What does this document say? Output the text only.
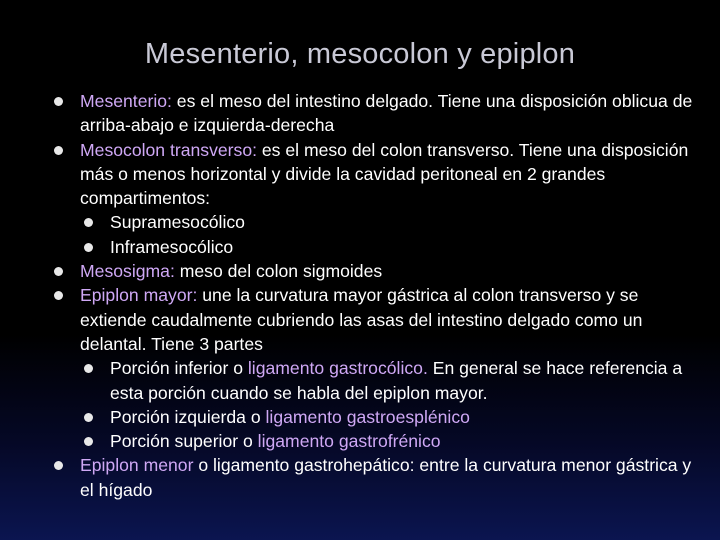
Mesenterio, mesocolon y epiplon

Mesenterio: es el meso del intestino delgado. Tiene una disposición oblicua de arriba-abajo e izquierda-derecha

Mesocolon transverso: es el meso del colon transverso. Tiene una disposición más o menos horizontal y divide la cavidad peritoneal en 2 grandes compartimentos:

Supramesocólico

Inframesocólico

Mesosigma: meso del colon sigmoides

Epiplon mayor: une la curvatura mayor gástrica al colon transverso y se extiende caudalmente cubriendo las asas del intestino delgado como un delantal. Tiene 3 partes

Porción inferior o ligamento gastrocólico. En general se hace referencia a esta porción cuando se habla del epiplon mayor.

Porción izquierda o ligamento gastroesplénico

Porción superior o ligamento gastrofrénico

Epiplon menor o ligamento gastrohepático: entre la curvatura menor gástrica y el hígado
